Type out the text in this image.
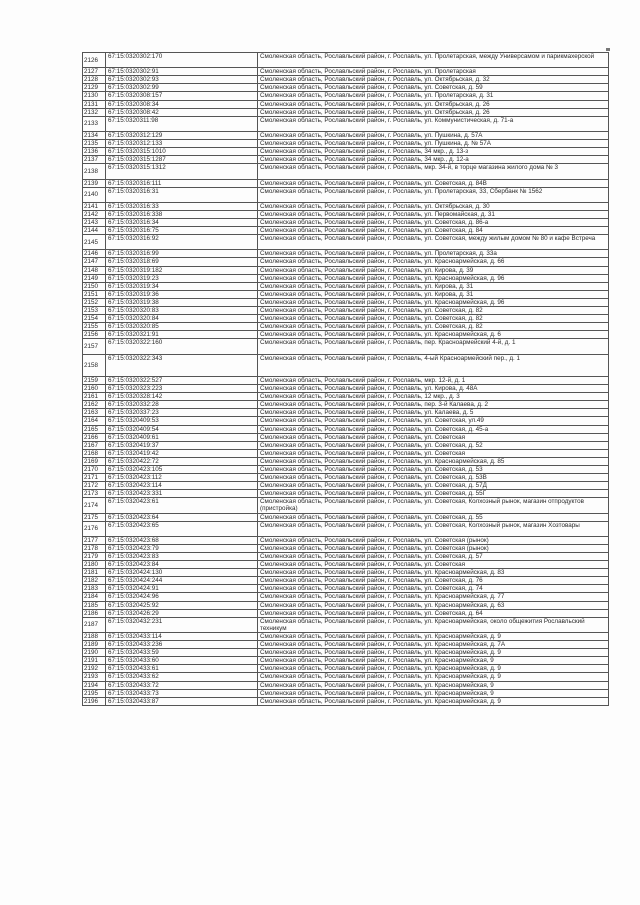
2126	67:15:0320302:170	Смоленская область, Рославльский район, г. Рославль, ул. Пролетарская, между Универсамом и парикмахерской
2127	67:15:0320302:91	Смоленская область, Рославльский район, г. Рославль, ул. Пролетарская
2128	67:15:0320302:93	Смоленская область, Рославльский район, г. Рославль, ул. Октябрьская, д. 32
2129	67:15:0320302:99	Смоленская область, Рославльский район, г. Рославль, ул. Советская, д. 59
2130	67:15:0320308:157	Смоленская область, Рославльский район, г. Рославль, ул. Пролетарская, д. 31
2131	67:15:0320308:34	Смоленская область, Рославльский район, г. Рославль, ул. Октябрьская, д. 26
2132	67:15:0320308:42	Смоленская область, Рославльский район, г. Рославль, ул. Октябрьская, д. 26
2133	67:15:0320311:98	Смоленская область, Рославльский район, г. Рославль, ул. Коммунистическая, д. 71-а
2134	67:15:0320312:129	Смоленская область, Рославльский район, г. Рославль, ул. Пушкина, д. 57А
2135	67:15:0320312:133	Смоленская область, Рославльский район, г. Рославль, ул. Пушкина, д. № 57А
2136	67:15:0320315:1010	Смоленская область, Рославльский район, г. Рославль, 34 мкр., д. 13-з
2137	67:15:0320315:1287	Смоленская область, Рославльский район, г. Рославль, 34 мкр., д. 12-а
2138	67:15:0320315:1312	Смоленская область, Рославльский район, г. Рославль, мкр. 34-й, в торце магазина жилого дома № 3
2139	67:15:0320316:111	Смоленская область, Рославльский район, г. Рославль, ул. Советская, д. 84В
2140	67:15:0320316:31	Смоленская область, Рославльский район, г. Рославль, ул. Пролетарская, 33, Сбербанк № 1562
2141	67:15:0320316:33	Смоленская область, Рославльский район, г. Рославль, ул. Октябрьская, д. 30
2142	67:15:0320316:338	Смоленская область, Рославльский район, г. Рославль, ул. Первомайская, д. 31
2143	67:15:0320316:34	Смоленская область, Рославльский район, г. Рославль, ул. Советская, д. 86-а
2144	67:15:0320316:75	Смоленская область, Рославльский район, г. Рославль, ул. Советская, д. 84
2145	67:15:0320316:92	Смоленская область, Рославльский район, г. Рославль, ул. Советская, между жилым домом № 80 и кафе Встреча
2146	67:15:0320316:99	Смоленская область, Рославльский район, г. Рославль, ул. Пролетарская, д. 33а
2147	67:15:0320318:69	Смоленская область, Рославльский район, г. Рославль, ул. Красноармейская, д. 66
2148	67:15:0320319:182	Смоленская область, Рославльский район, г. Рославль, ул. Кирова, д. 39
2149	67:15:0320319:23	Смоленская область, Рославльский район, г. Рославль, ул. Красноармейская, д. 96
2150	67:15:0320319:34	Смоленская область, Рославльский район, г. Рославль, ул. Кирова, д. 31
2151	67:15:0320319:36	Смоленская область, Рославльский район, г. Рославль, ул. Кирова, д. 31
2152	67:15:0320319:38	Смоленская область, Рославльский район, г. Рославль, ул. Красноармейская, д. 96
2153	67:15:0320320:83	Смоленская область, Рославльский район, г. Рославль, ул. Советская, д. 82
2154	67:15:0320320:84	Смоленская область, Рославльский район, г. Рославль, ул. Советская, д. 82
2155	67:15:0320320:85	Смоленская область, Рославльский район, г. Рославль, ул. Советская, д. 82
2156	67:15:0320321:91	Смоленская область, Рославльский район, г. Рославль, ул. Красноармейская, д. 6
2157	67:15:0320322:160	Смоленская область, Рославльский район, г. Рославль, пер. Красноармейский 4-й, д. 1
2158	67:15:0320322:343	Смоленская область, Рославльский район, г. Рославль, 4-ый Красноармейский пер., д. 1
2159	67:15:0320322:527	Смоленская область, Рославльский район, г. Рославль, мкр. 12-й, д. 1
2160	67:15:0320323:223	Смоленская область, Рославльский район, г. Рославль, ул. Кирова, д. 48А
2161	67:15:0320328:142	Смоленская область, Рославльский район, г. Рославль, 12 мкр., д. 3
2162	67:15:0320332:28	Смоленская область, Рославльский район, г. Рославль, пер. 3-й Калаева, д. 2
2163	67:15:0320337:23	Смоленская область, Рославльский район, г. Рославль, ул. Калаева, д. 5
2164	67:15:0320409:53	Смоленская область, Рославльский район, г. Рославль, ул. Советская, ул.49
2165	67:15:0320409:54	Смоленская область, Рославльский район, г. Рославль, ул. Советская, д. 45-а
2166	67:15:0320409:61	Смоленская область, Рославльский район, г. Рославль, ул. Советская
2167	67:15:0320419:37	Смоленская область, Рославльский район, г. Рославль, ул. Советская, д. 52
2168	67:15:0320419:42	Смоленская область, Рославльский район, г. Рославль, ул. Советская
2169	67:15:0320422:72	Смоленская область, Рославльский район, г. Рославль, ул. Красноармейская, д. 85
2170	67:15:0320423:105	Смоленская область, Рославльский район, г. Рославль, ул. Советская, д. 53
2171	67:15:0320423:112	Смоленская область, Рославльский район, г. Рославль, ул. Советская, д. 53В
2172	67:15:0320423:114	Смоленская область, Рославльский район, г. Рославль, ул. Советская, д. 57Д
2173	67:15:0320423:331	Смоленская область, Рославльский район, г. Рославль, ул. Советская, д. 55Г
2174	67:15:0320423:61	Смоленская область, Рославльский район, г. Рославль, ул. Советская, Колхозный рынок, магазин отпродуктов (пристройка)
2175	67:15:0320423:64	Смоленская область, Рославльский район, г. Рославль, ул. Советская, д. 55
2176	67:15:0320423:65	Смоленская область, Рославльский район, г. Рославль, ул. Советская, Колхозный рынок, магазин Хозтовары
2177	67:15:0320423:68	Смоленская область, Рославльский район, г. Рославль, ул. Советская (рынок)
2178	67:15:0320423:79	Смоленская область, Рославльский район, г. Рославль, ул. Советская (рынок)
2179	67:15:0320423:83	Смоленская область, Рославльский район, г. Рославль, ул. Советская, д. 57
2180	67:15:0320423:84	Смоленская область, Рославльский район, г. Рославль, ул. Советская
2181	67:15:0320424:130	Смоленская область, Рославльский район, г. Рославль, ул. Красноармейская, д. 83
2182	67:15:0320424:244	Смоленская область, Рославльский район, г. Рославль, ул. Советская, д. 76
2183	67:15:0320424:91	Смоленская область, Рославльский район, г. Рославль, ул. Советская, д. 74
2184	67:15:0320424:96	Смоленская область, Рославльский район, г. Рославль, ул. Красноармейская, д. 77
2185	67:15:0320425:92	Смоленская область, Рославльский район, г. Рославль, ул. Красноармейская, д. 63
2186	67:15:0320426:29	Смоленская область, Рославльский район, г. Рославль, ул. Советская, д. 64
2187	67:15:0320432:231	Смоленская область, Рославльский район, г. Рославль, ул. Красноармейская, около общежития Рославльский техникум
2188	67:15:0320433:114	Смоленская область, Рославльский район, г. Рославль, ул. Красноармейская, д. 9
2189	67:15:0320433:236	Смоленская область, Рославльский район, г. Рославль, ул. Красноармейская, д. 7А
2190	67:15:0320433:59	Смоленская область, Рославльский район, г. Рославль, ул. Красноармейская, д. 9
2191	67:15:0320433:60	Смоленская область, Рославльский район, г. Рославль, ул. Красноармейская, 9
2192	67:15:0320433:61	Смоленская область, Рославльский район, г. Рославль, ул. Красноармейская, д. 9
2193	67:15:0320433:62	Смоленская область, Рославльский район, г. Рославль, ул. Красноармейская, д. 9
2194	67:15:0320433:72	Смоленская область, Рославльский район, г. Рославль, ул. Красноармейская, 9
2195	67:15:0320433:73	Смоленская область, Рославльский район, г. Рославль, ул. Красноармейская, 9
2196	67:15:0320433:87	Смоленская область, Рославльский район, г. Рославль, ул. Красноармейская, д. 9
